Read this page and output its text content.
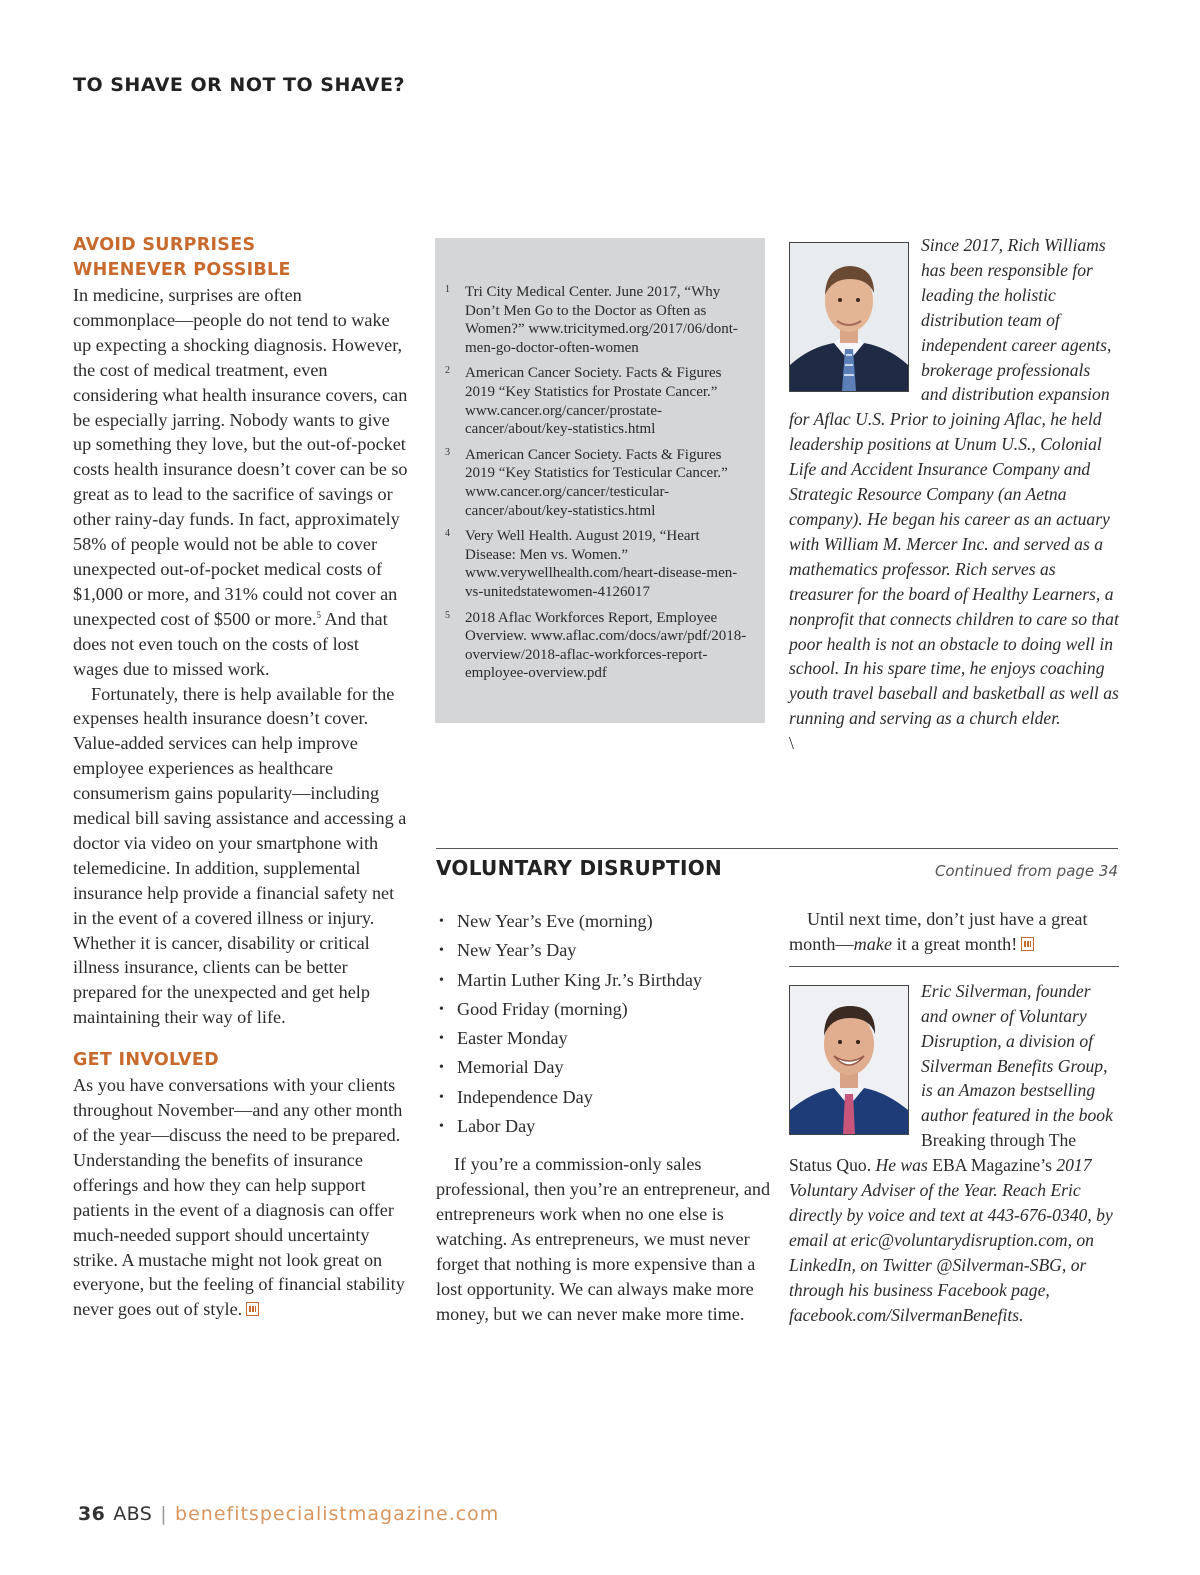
TO SHAVE OR NOT TO SHAVE?
AVOID SURPRISES
WHENEVER POSSIBLE

In medicine, surprises are often commonplace—people do not tend to wake up expecting a shocking diagnosis. However, the cost of medical treatment, even considering what health insurance covers, can be especially jarring. Nobody wants to give up something they love, but the out-of-pocket costs health insurance doesn’t cover can be so great as to lead to the sacrifice of savings or other rainy-day funds. In fact, approximately 58% of people would not be able to cover unexpected out-of-pocket medical costs of $1,000 or more, and 31% could not cover an unexpected cost of $500 or more.$^5$ And that does not even touch on the costs of lost wages due to missed work.

Fortunately, there is help available for the expenses health insurance doesn’t cover. Value-added services can help improve employee experiences as healthcare consumerism gains popularity—including medical bill saving assistance and accessing a doctor via video on your smartphone with telemedicine. In addition, supplemental insurance help provide a financial safety net in the event of a covered illness or injury. Whether it is cancer, disability or critical illness insurance, clients can be better prepared for the unexpected and get help maintaining their way of life.

GET INVOLVED

As you have conversations with your clients throughout November—and any other month of the year—discuss the need to be prepared. Understanding the benefits of insurance offerings and how they can help support patients in the event of a diagnosis can offer much-needed support should uncertainty strike. A mustache might not look great on everyone, but the feeling of financial stability never goes out of style.

1	Tri City Medical Center. June 2017, “Why Don’t Men Go to the Doctor as Often as Women?” www.tricitymed.org/2017/06/dont-men-go-doctor-often-women
2	American Cancer Society. Facts & Figures 2019 “Key Statistics for Prostate Cancer.” www.cancer.org/cancer/prostate-cancer/about/key-statistics.html
3	American Cancer Society. Facts & Figures 2019 “Key Statistics for Testicular Cancer.” www.cancer.org/cancer/testicular-cancer/about/key-statistics.html
4	Very Well Health. August 2019, “Heart Disease: Men vs. Women.” www.verywellhealth.com/heart-disease-men-vs-unitedstatewomen-4126017
5	2018 Aflac Workforces Report, Employee Overview. www.aflac.com/docs/awr/pdf/2018-overview/2018-aflac-workforces-report-employee-overview.pdf

Since 2017, Rich Williams has been responsible for leading the holistic distribution team of independent career agents, brokerage professionals and distribution expansion for Aflac U.S. Prior to joining Aflac, he held leadership positions at Unum U.S., Colonial Life and Accident Insurance Company and Strategic Resource Company (an Aetna company). He began his career as an actuary with William M. Mercer Inc. and served as a mathematics professor. Rich serves as treasurer for the board of Healthy Learners, a nonprofit that connects children to care so that poor health is not an obstacle to doing well in school. In his spare time, he enjoys coaching youth travel baseball and basketball as well as running and serving as a church elder.

\
VOLUNTARY DISRUPTION	Continued from page 34
• New Year’s Eve (morning)
• New Year’s Day
• Martin Luther King Jr.’s Birthday
• Good Friday (morning)
• Easter Monday
• Memorial Day
• Independence Day
• Labor Day

If you’re a commission-only sales professional, then you’re an entrepreneur, and entrepreneurs work when no one else is watching. As entrepreneurs, we must never forget that nothing is more expensive than a lost opportunity. We can always make more money, but we can never make more time.

Until next time, don’t just have a great month—make it a great month!

Eric Silverman, founder and owner of Voluntary Disruption, a division of Silverman Benefits Group, is an Amazon bestselling author featured in the book Breaking through The Status Quo. He was EBA Magazine’s 2017 Voluntary Adviser of the Year. Reach Eric directly by voice and text at 443-676-0340, by email at eric@voluntarydisruption.com, on LinkedIn, on Twitter @Silverman-SBG, or through his business Facebook page, facebook.com/SilvermanBenefits.

36 ABS | benefitspecialistmagazine.com
